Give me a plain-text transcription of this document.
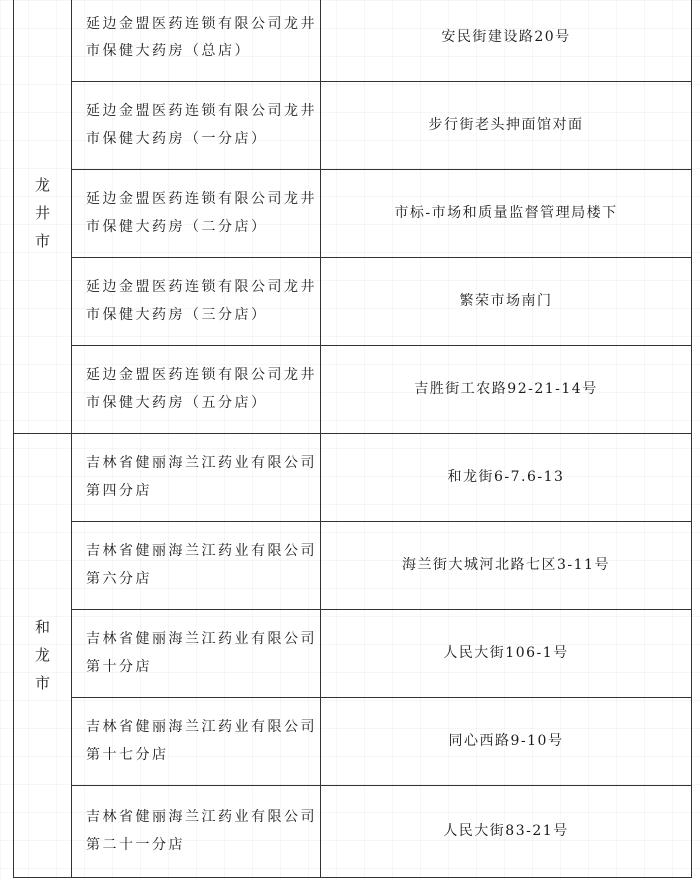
龙井市	延边金盟医药连锁有限公司龙井市保健大药房（总店）	安民街建设路20号

	延边金盟医药连锁有限公司龙井市保健大药房（一分店）	步行街老头抻面馆对面

	延边金盟医药连锁有限公司龙井市保健大药房（二分店）	市标-市场和质量监督管理局楼下

	延边金盟医药连锁有限公司龙井市保健大药房（三分店）	繁荣市场南门

	延边金盟医药连锁有限公司龙井市保健大药房（五分店）	吉胜街工农路92-21-14号
和龙市	吉林省健丽海兰江药业有限公司第四分店	和龙街6-7.6-13

	吉林省健丽海兰江药业有限公司第六分店	海兰街大城河北路七区3-11号

	吉林省健丽海兰江药业有限公司第十分店	人民大街106-1号

	吉林省健丽海兰江药业有限公司第十七分店	同心西路9-10号

	吉林省健丽海兰江药业有限公司第二十一分店	人民大街83-21号
